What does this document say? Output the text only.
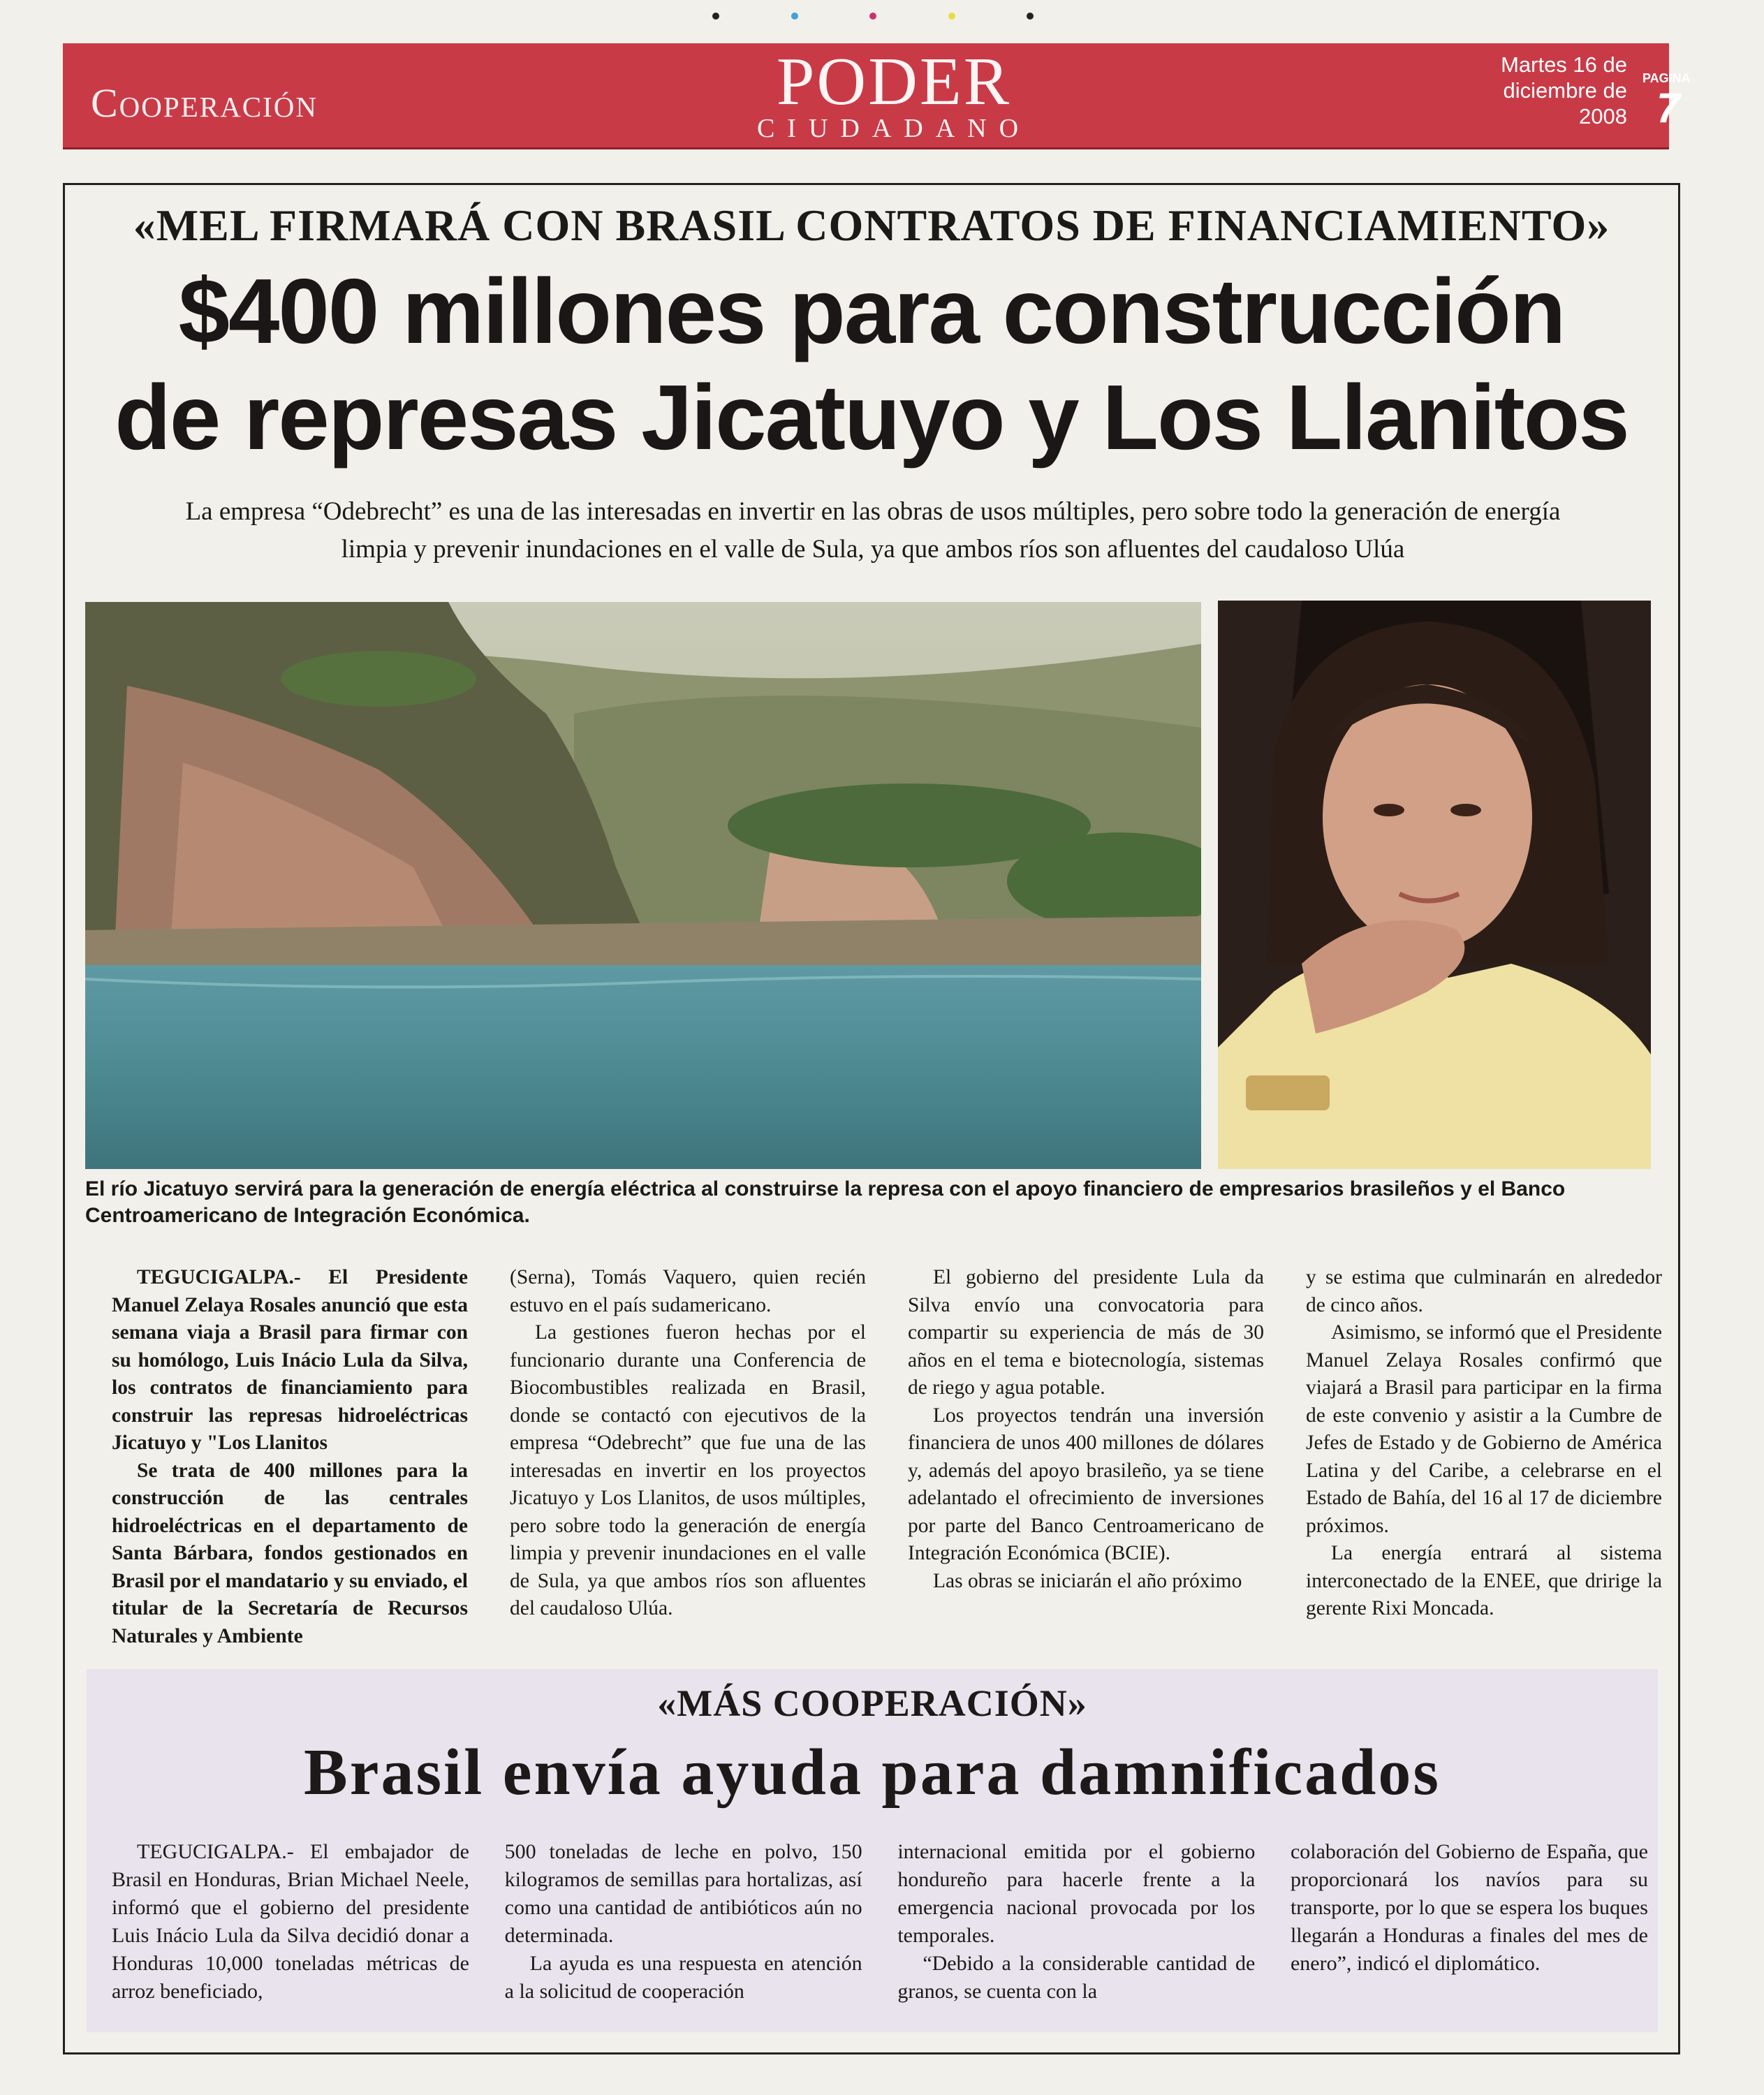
Cooperación	PODER
CIUDADANO
Martes 16 de
diciembre de
2008
PAGINA
7
«MEL FIRMARÁ CON BRASIL CONTRATOS DE FINANCIAMIENTO»
$400 millones para construcción
de represas Jicatuyo y Los Llanitos
La empresa “Odebrecht” es una de las interesadas en invertir en las obras de usos múltiples, pero sobre todo la generación de energía
limpia y prevenir inundaciones en el valle de Sula, ya que ambos ríos son afluentes del caudaloso Ulúa
El río Jicatuyo servirá para la generación de energía eléctrica al construirse la represa con el apoyo financiero de empresarios brasileños y el Banco Centroamericano de Integración Económica.

TEGUCIGALPA.- El Presidente Manuel Zelaya Rosales anunció que esta semana viaja a Brasil para firmar con su homólogo, Luis Inácio Lula da Silva, los contratos de financiamiento para construir las represas hidroeléctricas Jicatuyo y "Los Llanitos

Se trata de 400 millones para la construcción de las centrales hidroeléctricas en el departamento de Santa Bárbara, fondos gestionados en Brasil por el mandatario y su enviado, el titular de la Secretaría de Recursos Naturales y Ambiente

(Serna), Tomás Vaquero, quien recién estuvo en el país sudamericano.

La gestiones fueron hechas por el funcionario durante una Conferencia de Biocombustibles realizada en Brasil, donde se contactó con ejecutivos de la empresa “Odebrecht” que fue una de las interesadas en invertir en los proyectos Jicatuyo y Los Llanitos, de usos múltiples, pero sobre todo la generación de energía limpia y prevenir inundaciones en el valle de Sula, ya que ambos ríos son afluentes del caudaloso Ulúa.

El gobierno del presidente Lula da Silva envío una convocatoria para compartir su experiencia de más de 30 años en el tema e biotecnología, sistemas de riego y agua potable.

Los proyectos tendrán una inversión financiera de unos 400 millones de dólares y, además del apoyo brasileño, ya se tiene adelantado el ofrecimiento de inversiones por parte del Banco Centroamericano de Integración Económica (BCIE).

Las obras se iniciarán el año próximo

y se estima que culminarán en alrededor de cinco años.

Asimismo, se informó que el Presidente Manuel Zelaya Rosales confirmó que viajará a Brasil para participar en la firma de este convenio y asistir a la Cumbre de Jefes de Estado y de Gobierno de América Latina y del Caribe, a celebrarse en el Estado de Bahía, del 16 al 17 de diciembre próximos.

La energía entrará al sistema interconectado de la ENEE, que dririge la gerente Rixi Moncada.

«MÁS COOPERACIÓN»
Brasil envía ayuda para damnificados

TEGUCIGALPA.- El embajador de Brasil en Honduras, Brian Michael Neele, informó que el gobierno del presidente Luis Inácio Lula da Silva decidió donar a Honduras 10,000 toneladas métricas de arroz beneficiado,

500 toneladas de leche en polvo, 150 kilogramos de semillas para hortalizas, así como una cantidad de antibióticos aún no determinada.

La ayuda es una respuesta en atención a la solicitud de cooperación

internacional emitida por el gobierno hondureño para hacerle frente a la emergencia nacional provocada por los temporales.

“Debido a la considerable cantidad de granos, se cuenta con la

colaboración del Gobierno de España, que proporcionará los navíos para su transporte, por lo que se espera los buques llegarán a Honduras a finales del mes de enero”, indicó el diplomático.
